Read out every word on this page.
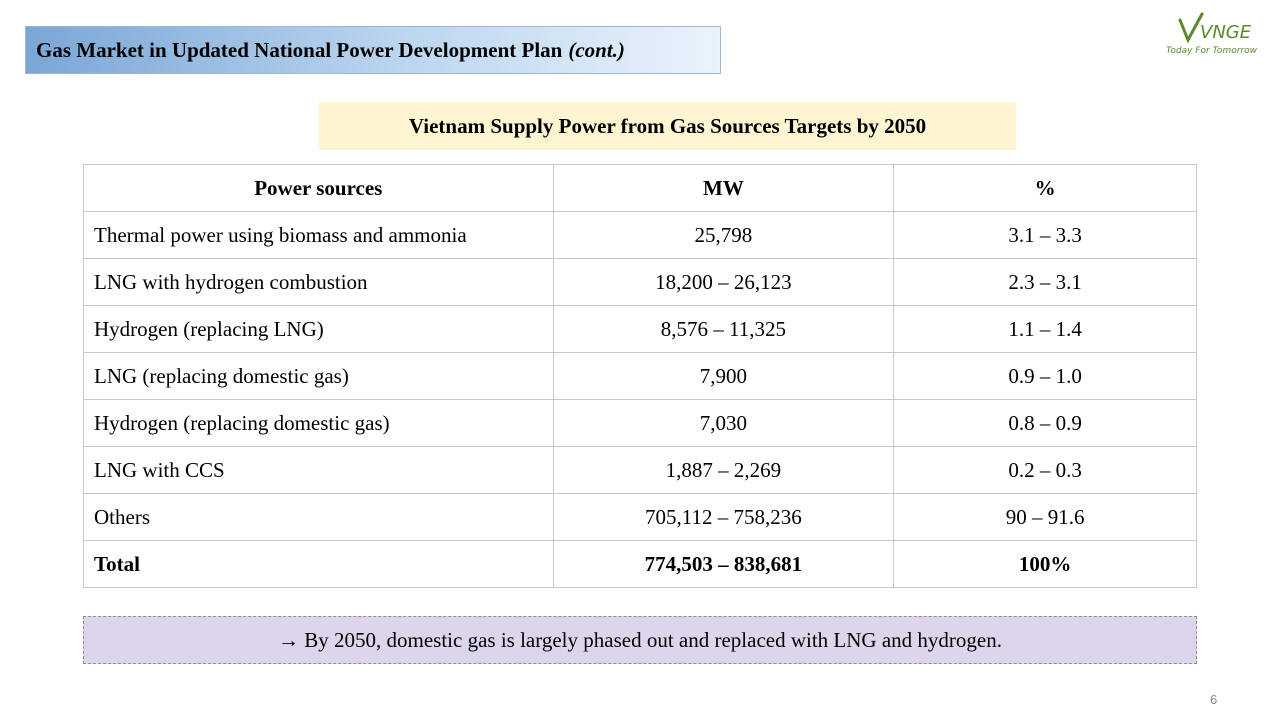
Gas Market in Updated National Power Development Plan (cont.)
VNGE
Today For Tomorrow
Vietnam Supply Power from Gas Sources Targets by 2050
Power sources	MW	%
Thermal power using biomass and ammonia	25,798	3.1 – 3.3
LNG with hydrogen combustion	18,200 – 26,123	2.3 – 3.1
Hydrogen (replacing LNG)	8,576 – 11,325	1.1 – 1.4
LNG (replacing domestic gas)	7,900	0.9 – 1.0
Hydrogen (replacing domestic gas)	7,030	0.8 – 0.9
LNG with CCS	1,887 – 2,269	0.2 – 0.3
Others	705,112 – 758,236	90 – 91.6
Total	774,503 – 838,681	100%
→ By 2050, domestic gas is largely phased out and replaced with LNG and hydrogen.
6
